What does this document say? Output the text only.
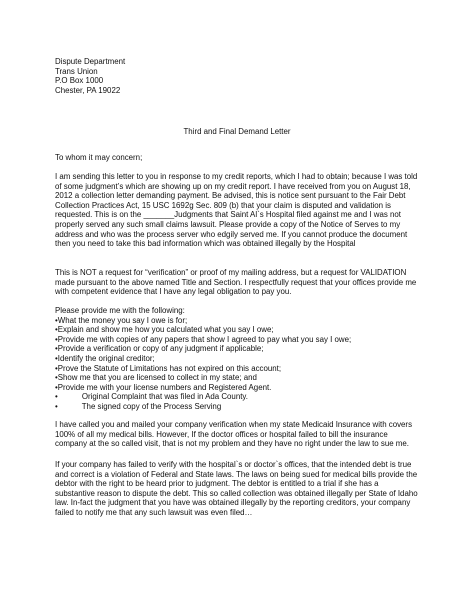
Dispute Department
Trans Union
P.O Box 1000
Chester, PA 19022
Third and Final Demand Letter
To whom it may concern;
I am sending this letter to you in response to my credit reports, which I had to obtain; because I was told
of some judgment’s which are showing up on my credit report. I have received from you on August 18,
2012 a collection letter demanding payment. Be advised, this is notice sent pursuant to the Fair Debt
Collection Practices Act, 15 USC 1692g Sec. 809 (b) that your claim is disputed and validation is
requested. This is on the _______Judgments that Saint Al`s Hospital filed against me and I was not
properly served any such small claims lawsuit. Please provide a copy of the Notice of Serves to my
address and who was the process server who edgily served me. If you cannot produce the document
then you need to take this bad information which was obtained illegally by the Hospital
This is NOT a request for “verification” or proof of my mailing address, but a request for VALIDATION
made pursuant to the above named Title and Section. I respectfully request that your offices provide me
with competent evidence that I have any legal obligation to pay you.
Please provide me with the following:
•What the money you say I owe is for;
•Explain and show me how you calculated what you say I owe;
•Provide me with copies of any papers that show I agreed to pay what you say I owe;
•Provide a verification or copy of any judgment if applicable;
•Identify the original creditor;
•Prove the Statute of Limitations has not expired on this account;
•Show me that you are licensed to collect in my state; and
•Provide me with your license numbers and Registered Agent.
•           Original Complaint that was filed in Ada County.
•           The signed copy of the Process Serving
I have called you and mailed your company verification when my state Medicaid Insurance with covers
100% of all my medical bills. However, If the doctor offices or hospital failed to bill the insurance
company at the so called visit, that is not my problem and they have no right under the law to sue me.
If your company has failed to verify with the hospital`s or doctor`s offices, that the intended debt is true
and correct is a violation of Federal and State laws. The laws on being sued for medical bills provide the
debtor with the right to be heard prior to judgment. The debtor is entitled to a trial if she has a
substantive reason to dispute the debt. This so called collection was obtained illegally per State of Idaho
law. In-fact the judgment that you have was obtained illegally by the reporting creditors, your company
failed to notify me that any such lawsuit was even filed…
